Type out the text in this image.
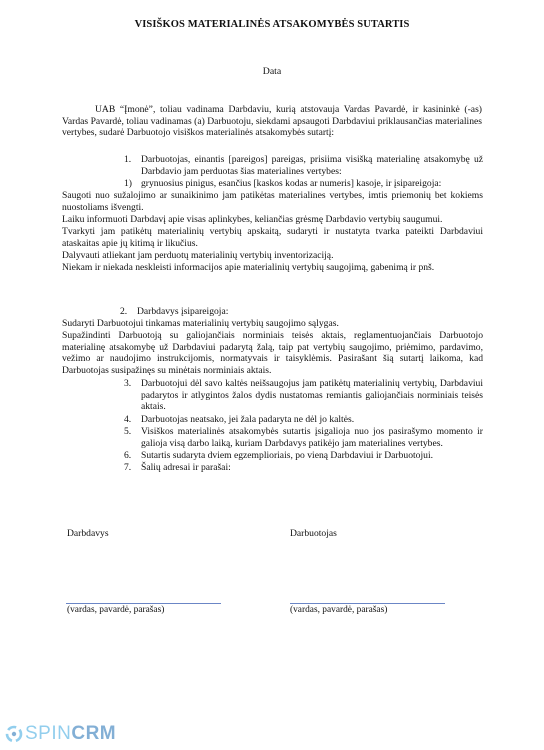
VISIŠKOS MATERIALINĖS ATSAKOMYBĖS SUTARTIS
Data

UAB “Įmonė”, toliau vadinama Darbdaviu, kurią atstovauja Vardas Pavardė, ir kasininkė (-as) Vardas Pavardė, toliau vadinamas (a) Darbuotoju, siekdami apsaugoti Darbdaviui priklausančias materialines vertybes, sudarė Darbuotojo visiškos materialinės atsakomybės sutartį:

1. Darbuotojas, einantis [pareigos] pareigas, prisiima visišką materialinę atsakomybę už Darbdavio jam perduotas šias materialines vertybes:
1) grynuosius pinigus, esančius [kaskos kodas ar numeris] kasoje, ir įsipareigoja:

Saugoti nuo sužalojimo ar sunaikinimo jam patikėtas materialines vertybes, imtis priemonių bet kokiems nuostoliams išvengti.

Laiku informuoti Darbdavį apie visas aplinkybes, keliančias grėsmę Darbdavio vertybių saugumui.

Tvarkyti jam patikėtų materialinių vertybių apskaitą, sudaryti ir nustatyta tvarka pateikti Darbdaviui ataskaitas apie jų kitimą ir likučius.

Dalyvauti atliekant jam perduotų materialinių vertybių inventorizaciją.

Niekam ir niekada neskleisti informacijos apie materialinių vertybių saugojimą, gabenimą ir pnš.

2. Darbdavys įsipareigoja:

Sudaryti Darbuotojui tinkamas materialinių vertybių saugojimo sąlygas.

Supažindinti Darbuotoją su galiojančiais norminiais teisės aktais, reglamentuojančiais Darbuotojo materialinę atsakomybę už Darbdaviui padarytą žalą, taip pat vertybių saugojimo, priėmimo, pardavimo, vežimo ar naudojimo instrukcijomis, normatyvais ir taisyklėmis. Pasirašant šią sutartį laikoma, kad Darbuotojas susipažinęs su minėtais norminiais aktais.

3. Darbuotojui dėl savo kaltės neišsaugojus jam patikėtų materialinių vertybių, Darbdaviui padarytos ir atlygintos žalos dydis nustatomas remiantis galiojančiais norminiais teisės aktais.
4. Darbuotojas neatsako, jei žala padaryta ne dėl jo kaltės.
5. Visiškos materialinės atsakomybės sutartis įsigalioja nuo jos pasirašymo momento ir galioja visą darbo laiką, kuriam Darbdavys patikėjo jam materialines vertybes.
6. Sutartis sudaryta dviem egzemplioriais, po vieną Darbdaviui ir Darbuotojui.
7. Šalių adresai ir parašai:
Darbdavys	Darbuotojas
(vardas, pavardė, parašas)	(vardas, pavardė, parašas)
SPIN CRM
